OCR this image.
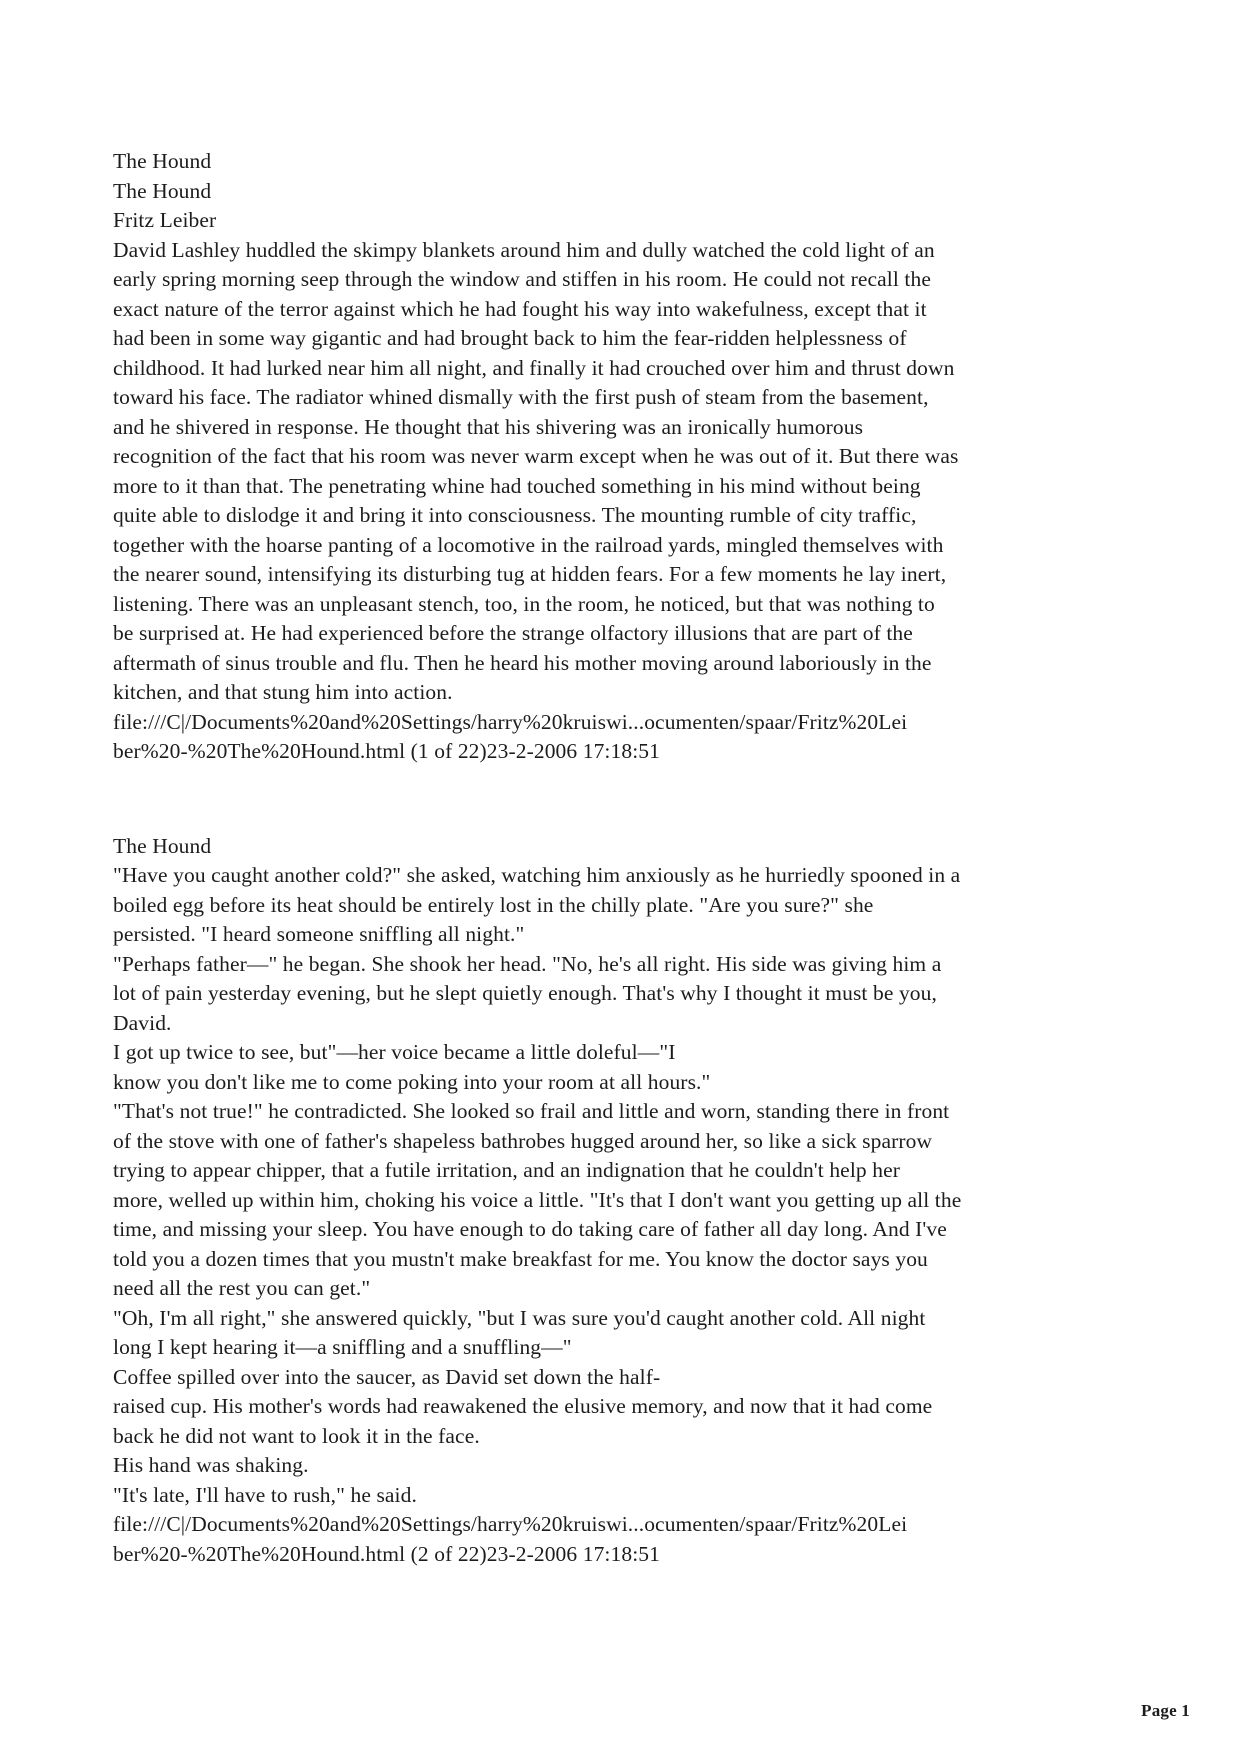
The Hound
The Hound
Fritz Leiber
David Lashley huddled the skimpy blankets around him and dully watched the cold light of an
early spring morning seep through the window and stiffen in his room. He could not recall the
exact nature of the terror against which he had fought his way into wakefulness, except that it
had been in some way gigantic and had brought back to him the fear-ridden helplessness of
childhood. It had lurked near him all night, and finally it had crouched over him and thrust down
toward his face. The radiator whined dismally with the first push of steam from the basement,
and he shivered in response. He thought that his shivering was an ironically humorous
recognition of the fact that his room was never warm except when he was out of it. But there was
more to it than that. The penetrating whine had touched something in his mind without being
quite able to dislodge it and bring it into consciousness. The mounting rumble of city traffic,
together with the hoarse panting of a locomotive in the railroad yards, mingled themselves with
the nearer sound, intensifying its disturbing tug at hidden fears. For a few moments he lay inert,
listening. There was an unpleasant stench, too, in the room, he noticed, but that was nothing to
be surprised at. He had experienced before the strange olfactory illusions that are part of the
aftermath of sinus trouble and flu. Then he heard his mother moving around laboriously in the
kitchen, and that stung him into action.
file:///C|/Documents%20and%20Settings/harry%20kruiswi...ocumenten/spaar/Fritz%20Lei
ber%20-%20The%20Hound.html (1 of 22)23-2-2006 17:18:51
The Hound
"Have you caught another cold?" she asked, watching him anxiously as he hurriedly spooned in a
boiled egg before its heat should be entirely lost in the chilly plate. "Are you sure?" she
persisted. "I heard someone sniffling all night."
"Perhaps father—" he began. She shook her head. "No, he's all right. His side was giving him a
lot of pain yesterday evening, but he slept quietly enough. That's why I thought it must be you,
David.
I got up twice to see, but"—her voice became a little doleful—"I
know you don't like me to come poking into your room at all hours."
"That's not true!" he contradicted. She looked so frail and little and worn, standing there in front
of the stove with one of father's shapeless bathrobes hugged around her, so like a sick sparrow
trying to appear chipper, that a futile irritation, and an indignation that he couldn't help her
more, welled up within him, choking his voice a little. "It's that I don't want you getting up all the
time, and missing your sleep. You have enough to do taking care of father all day long. And I've
told you a dozen times that you mustn't make breakfast for me. You know the doctor says you
need all the rest you can get."
"Oh, I'm all right," she answered quickly, "but I was sure you'd caught another cold. All night
long I kept hearing it—a sniffling and a snuffling—"
Coffee spilled over into the saucer, as David set down the half-
raised cup. His mother's words had reawakened the elusive memory, and now that it had come
back he did not want to look it in the face.
His hand was shaking.
"It's late, I'll have to rush," he said.
file:///C|/Documents%20and%20Settings/harry%20kruiswi...ocumenten/spaar/Fritz%20Lei
ber%20-%20The%20Hound.html (2 of 22)23-2-2006 17:18:51
Page 1
